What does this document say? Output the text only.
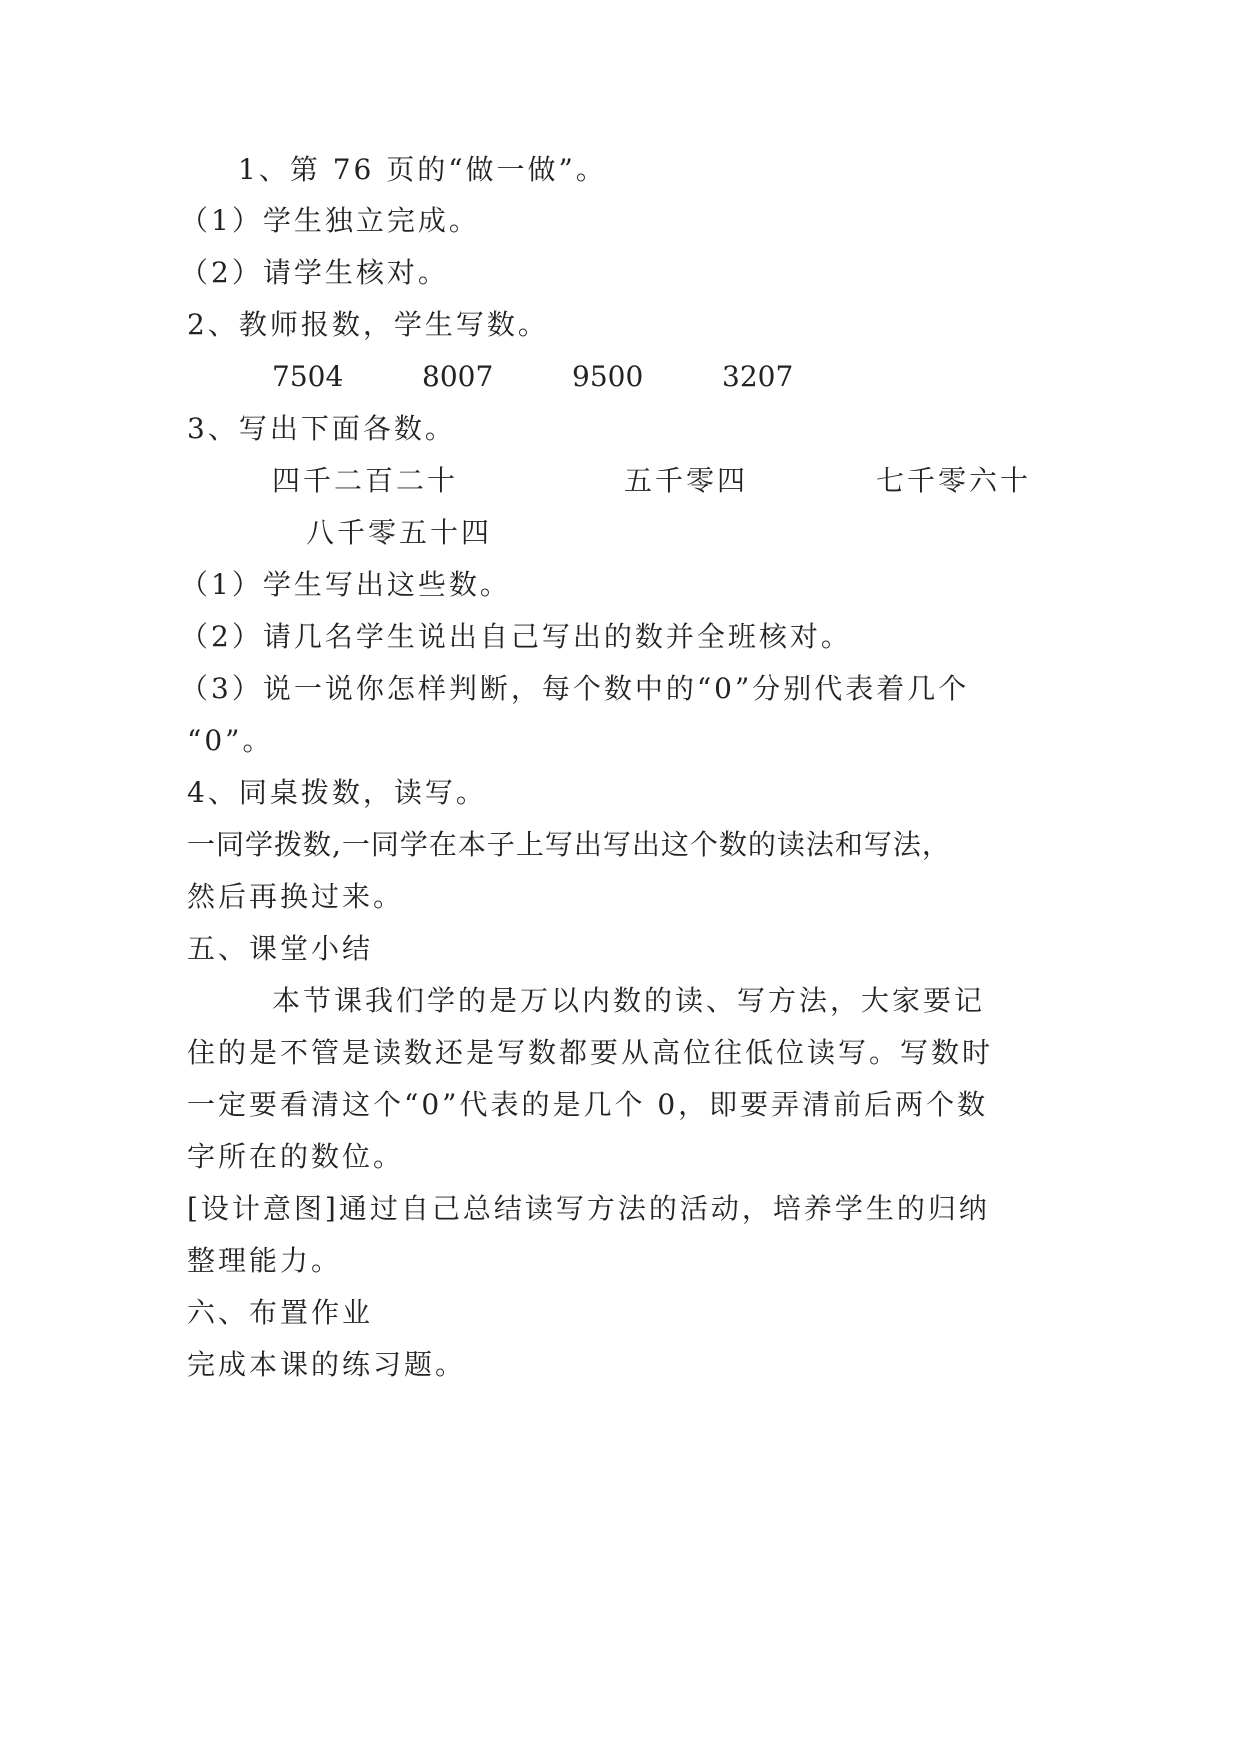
1、第 76 页的“做一做”。
（1）学生独立完成。
（2）请学生核对。
2、教师报数，学生写数。
7504	8007	9500	3207
3、写出下面各数。
四千二百二十	五千零四	七千零六十
八千零五十四
（1）学生写出这些数。
（2）请几名学生说出自己写出的数并全班核对。
（3）说一说你怎样判断，每个数中的“0”分别代表着几个
“0”。
4、同桌拨数，读写。
一同学拨数,一同学在本子上写出写出这个数的读法和写法，
然后再换过来。
五、课堂小结
本节课我们学的是万以内数的读、写方法，大家要记
住的是不管是读数还是写数都要从高位往低位读写。写数时
一定要看清这个“0”代表的是几个 0，即要弄清前后两个数
字所在的数位。
[设计意图]通过自己总结读写方法的活动，培养学生的归纳
整理能力。
六、布置作业
完成本课的练习题。
